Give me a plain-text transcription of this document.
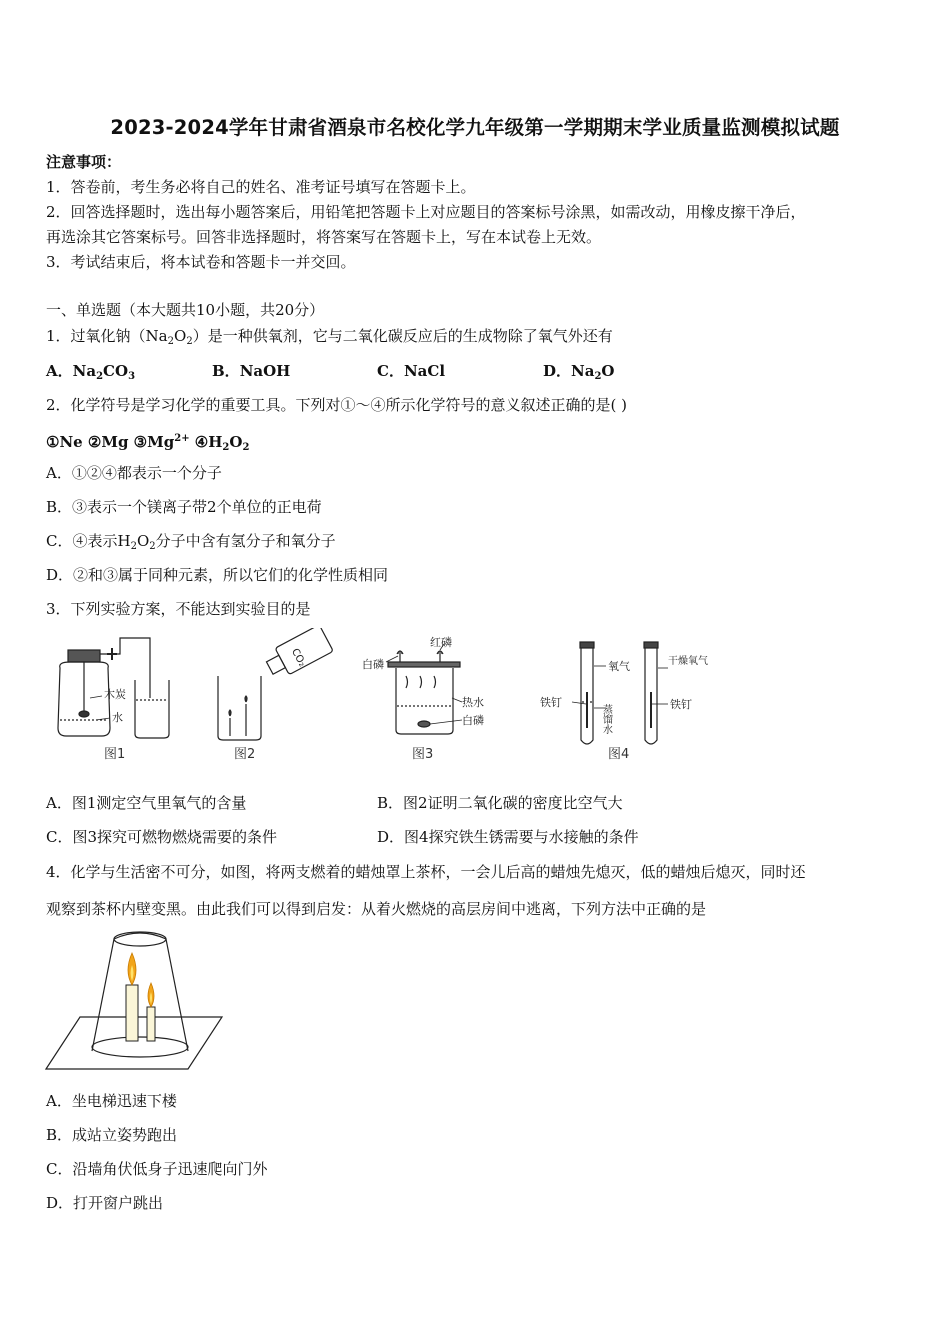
2023-2024学年甘肃省酒泉市名校化学九年级第一学期期末学业质量监测模拟试题
注意事项：
1．答卷前，考生务必将自己的姓名、准考证号填写在答题卡上。
2．回答选择题时，选出每小题答案后，用铅笔把答题卡上对应题目的答案标号涂黑，如需改动，用橡皮擦干净后，
再选涂其它答案标号。回答非选择题时，将答案写在答题卡上，写在本试卷上无效。
3．考试结束后，将本试卷和答题卡一并交回。
一、单选题（本大题共10小题，共20分）
1．过氧化钠$(Na_2O_2)$是一种供氧剂，它与二氧化碳反应后的生成物除了氧气外还有
A．$Na_2CO_3$	B．NaOH	C．NaCl	D．$Na_2O$
2．化学符号是学习化学的重要工具。下列对①～④所示化学符号的意义叙述正确的是( )
①Ne ②Mg $③Mg^{2+}$ $④H_2O_2$
A．①②④都表示一个分子
B．③表示一个镁离子带2个单位的正电荷
C．④表示$H_2O_2$分子中含有氢分子和氧分子
D．②和③属于同种元素，所以它们的化学性质相同
3．下列实验方案，不能达到实验目的是
木炭
水
图1
CO₂
图2
红磷
白磷
热水
白磷
图3
氧气
铁钉
蒸馏水
干燥氧气
铁钉
图4
A．图1测定空气里氧气的含量	B．图2证明二氧化碳的密度比空气大
C．图3探究可燃物燃烧需要的条件	D．图4探究铁生锈需要与水接触的条件
4．化学与生活密不可分，如图，将两支燃着的蜡烛罩上茶杯，一会儿后高的蜡烛先熄灭，低的蜡烛后熄灭，同时还
观察到茶杯内壁变黑。由此我们可以得到启发：从着火燃烧的高层房间中逃离，下列方法中正确的是
A．坐电梯迅速下楼
B．成站立姿势跑出
C．沿墙角伏低身子迅速爬向门外
D．打开窗户跳出
